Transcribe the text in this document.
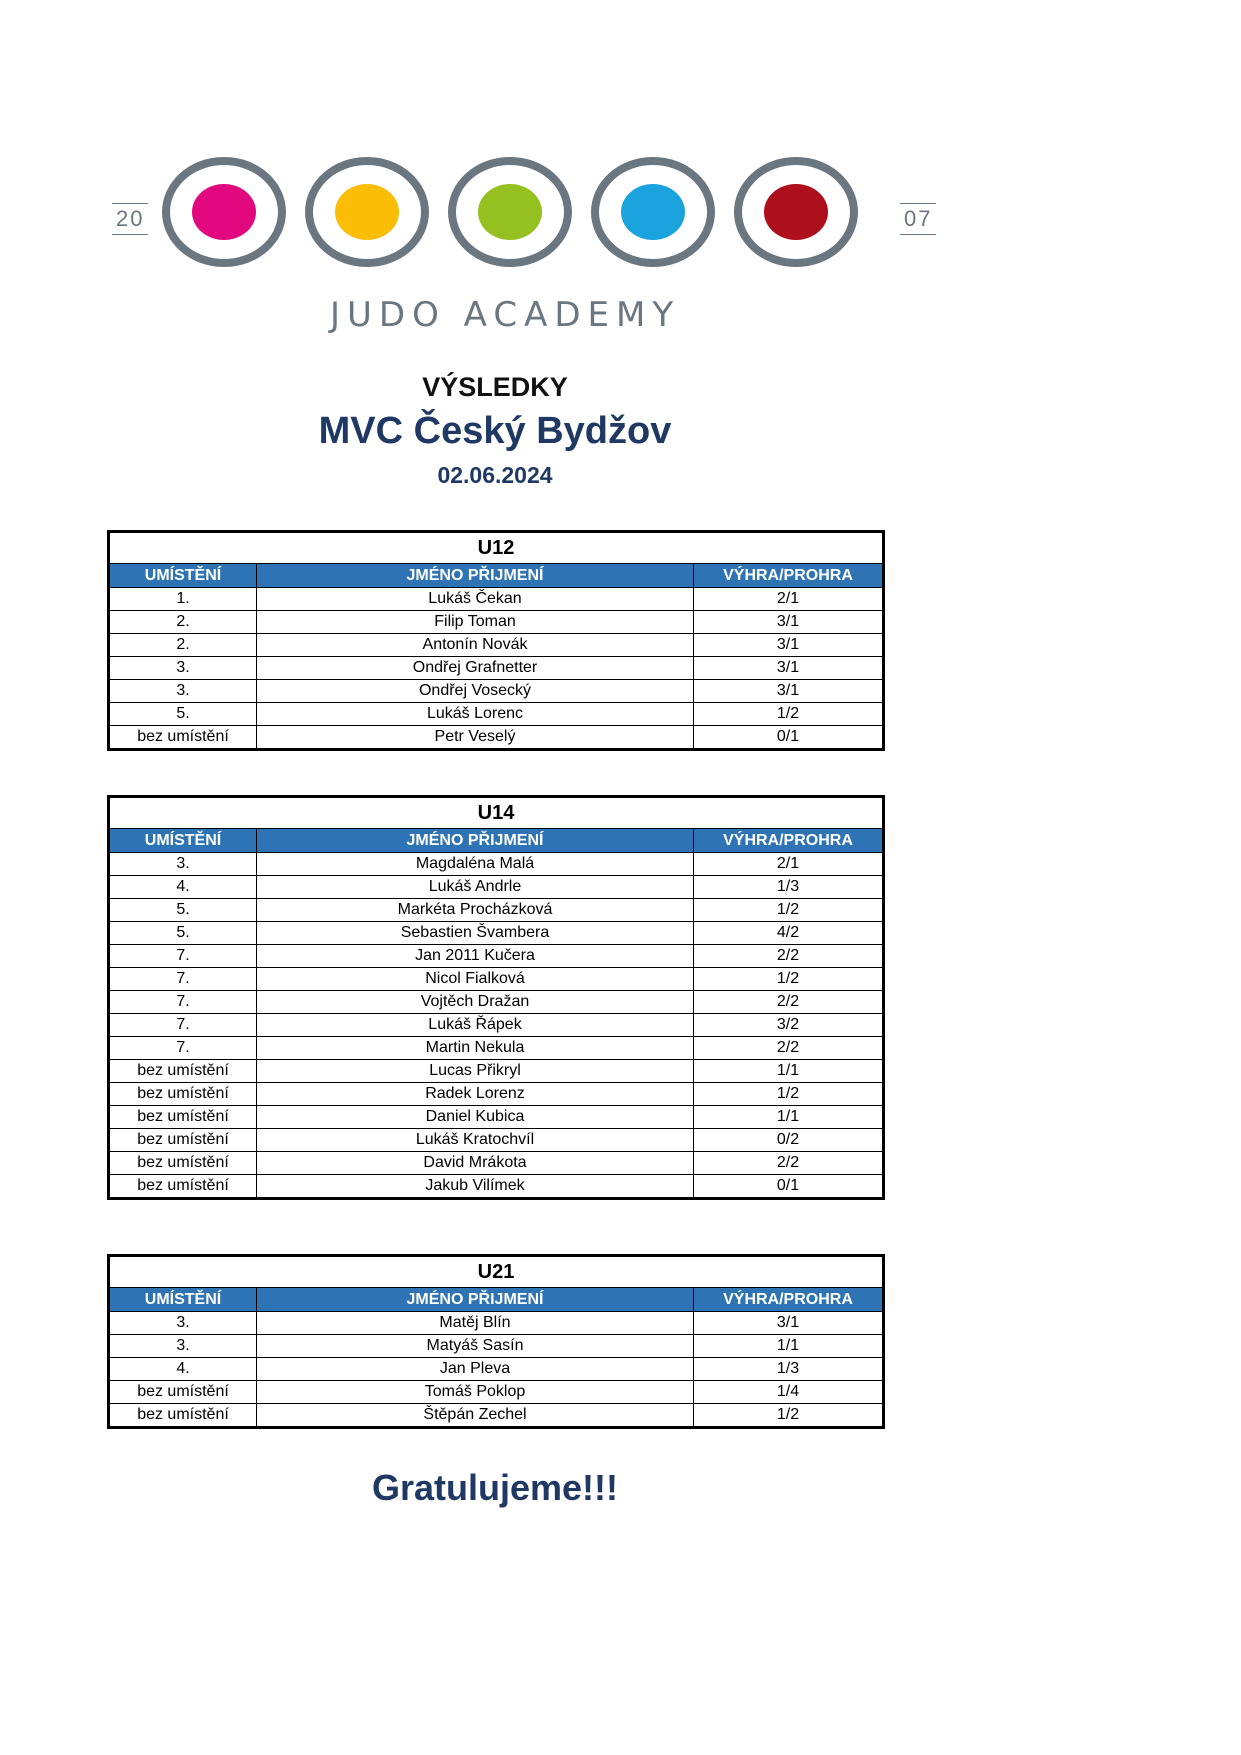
20	07
JUDO ACADEMY
VÝSLEDKY
MVC Český Bydžov
02.06.2024
U12		
UMÍSTĚNÍ	JMÉNO PŘIJMENÍ	VÝHRA/PROHRA
1.	Lukáš Čekan	2/1
2.	Filip Toman	3/1
2.	Antonín Novák	3/1
3.	Ondřej Grafnetter	3/1
3.	Ondřej Vosecký	3/1
5.	Lukáš Lorenc	1/2
bez umístění	Petr Veselý	0/1
U14		
UMÍSTĚNÍ	JMÉNO PŘIJMENÍ	VÝHRA/PROHRA
3.	Magdaléna Malá	2/1
4.	Lukáš Andrle	1/3
5.	Markéta Procházková	1/2
5.	Sebastien Švambera	4/2
7.	Jan 2011 Kučera	2/2
7.	Nicol Fialková	1/2
7.	Vojtěch Dražan	2/2
7.	Lukáš Řápek	3/2
7.	Martin Nekula	2/2
bez umístění	Lucas Přikryl	1/1
bez umístění	Radek Lorenz	1/2
bez umístění	Daniel Kubica	1/1
bez umístění	Lukáš Kratochvíl	0/2
bez umístění	David Mrákota	2/2
bez umístění	Jakub Vilímek	0/1
U21		
UMÍSTĚNÍ	JMÉNO PŘIJMENÍ	VÝHRA/PROHRA
3.	Matěj Blín	3/1
3.	Matyáš Sasín	1/1
4.	Jan Pleva	1/3
bez umístění	Tomáš Poklop	1/4
bez umístění	Štěpán Zechel	1/2
Gratulujeme!!!
